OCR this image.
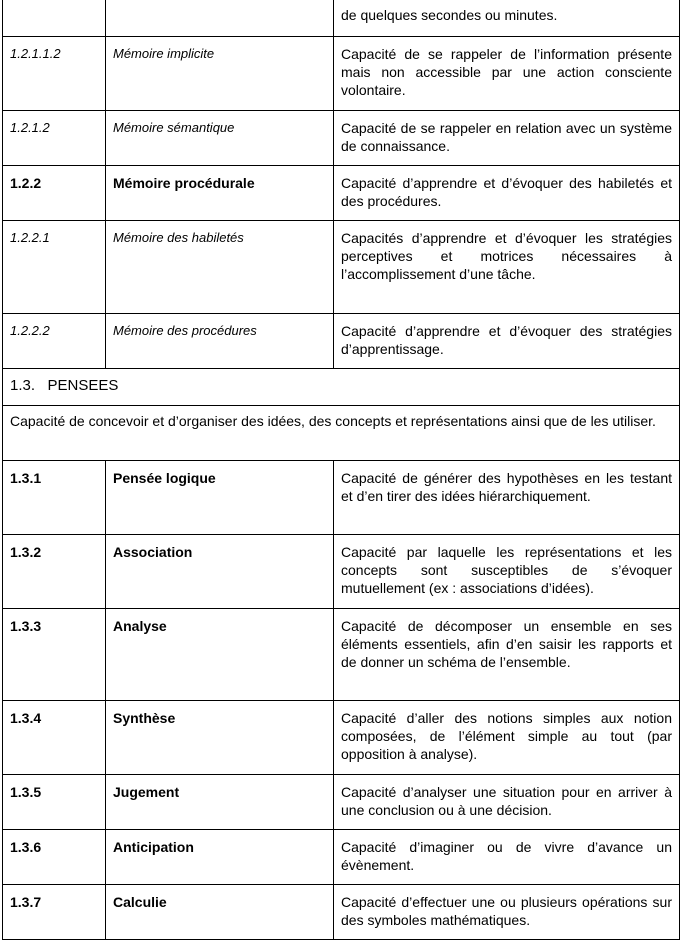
		de quelques secondes ou minutes.
1.2.1.1.2	Mémoire implicite	Capacité de se rappeler de l’information présente mais non accessible par une action consciente volontaire.
1.2.1.2	Mémoire sémantique	Capacité de se rappeler en relation avec un système de connaissance.
1.2.2	Mémoire procédurale	Capacité d’apprendre et d’évoquer des habiletés et des procédures.
1.2.2.1	Mémoire des habiletés	Capacités d’apprendre et d’évoquer les stratégies perceptives et motrices nécessaires à l’accomplissement d’une tâche.
1.2.2.2	Mémoire des procédures	Capacité d’apprendre et d’évoquer des stratégies d’apprentissage.
1.3.   PENSEES		
Capacité de concevoir et d’organiser des idées, des concepts et représentations ainsi que de les utiliser.		
1.3.1	Pensée logique	Capacité de générer des hypothèses en les testant et d’en tirer des idées hiérarchiquement.
1.3.2	Association	Capacité par laquelle les représentations et les concepts sont susceptibles de s’évoquer mutuellement (ex : associations d’idées).
1.3.3	Analyse	Capacité de décomposer un ensemble en ses éléments essentiels, afin d’en saisir les rapports et de donner un schéma de l’ensemble.
1.3.4	Synthèse	Capacité d’aller des notions simples aux notion composées, de l’élément simple au tout (par opposition à analyse).
1.3.5	Jugement	Capacité d’analyser une situation pour en arriver à une conclusion ou à une décision.
1.3.6	Anticipation	Capacité d’imaginer ou de vivre d’avance un évènement.
1.3.7	Calculie	Capacité d’effectuer une ou plusieurs opérations sur des symboles mathématiques.
